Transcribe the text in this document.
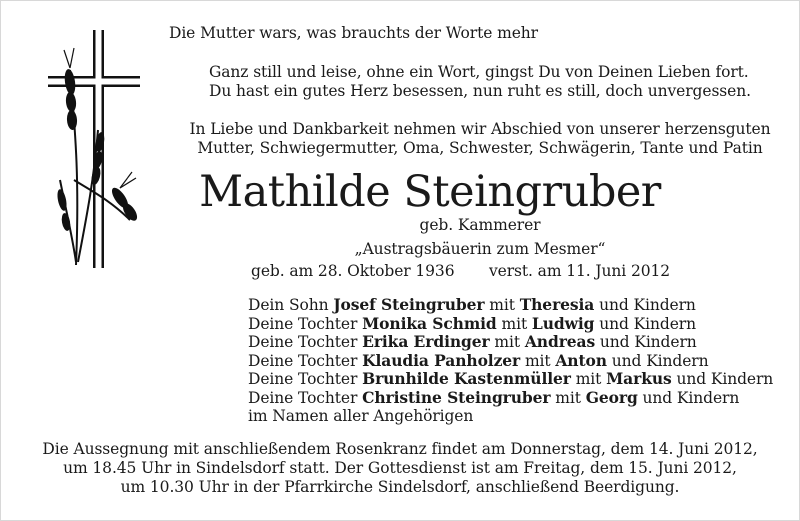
Die Mutter wars, was brauchts der Worte mehr
Ganz still und leise, ohne ein Wort, gingst Du von Deinen Lieben fort.
Du hast ein gutes Herz besessen, nun ruht es still, doch unvergessen.
In Liebe und Dankbarkeit nehmen wir Abschied von unserer herzensguten
Mutter, Schwiegermutter, Oma, Schwester, Schwägerin, Tante und Patin
Mathilde Steingruber
geb. Kammerer
„Austragsbäuerin zum Mesmer“
geb. am 28. Oktober 1936 verst. am 11. Juni 2012
Dein Sohn Josef Steingruber mit Theresia und Kindern
Deine Tochter Monika Schmid mit Ludwig und Kindern
Deine Tochter Erika Erdinger mit Andreas und Kindern
Deine Tochter Klaudia Panholzer mit Anton und Kindern
Deine Tochter Brunhilde Kastenmüller mit Markus und Kindern
Deine Tochter Christine Steingruber mit Georg und Kindern
im Namen aller Angehörigen
Die Aussegnung mit anschließendem Rosenkranz findet am Donnerstag, dem 14. Juni 2012,
um 18.45 Uhr in Sindelsdorf statt. Der Gottesdienst ist am Freitag, dem 15. Juni 2012,
um 10.30 Uhr in der Pfarrkirche Sindelsdorf, anschließend Beerdigung.
